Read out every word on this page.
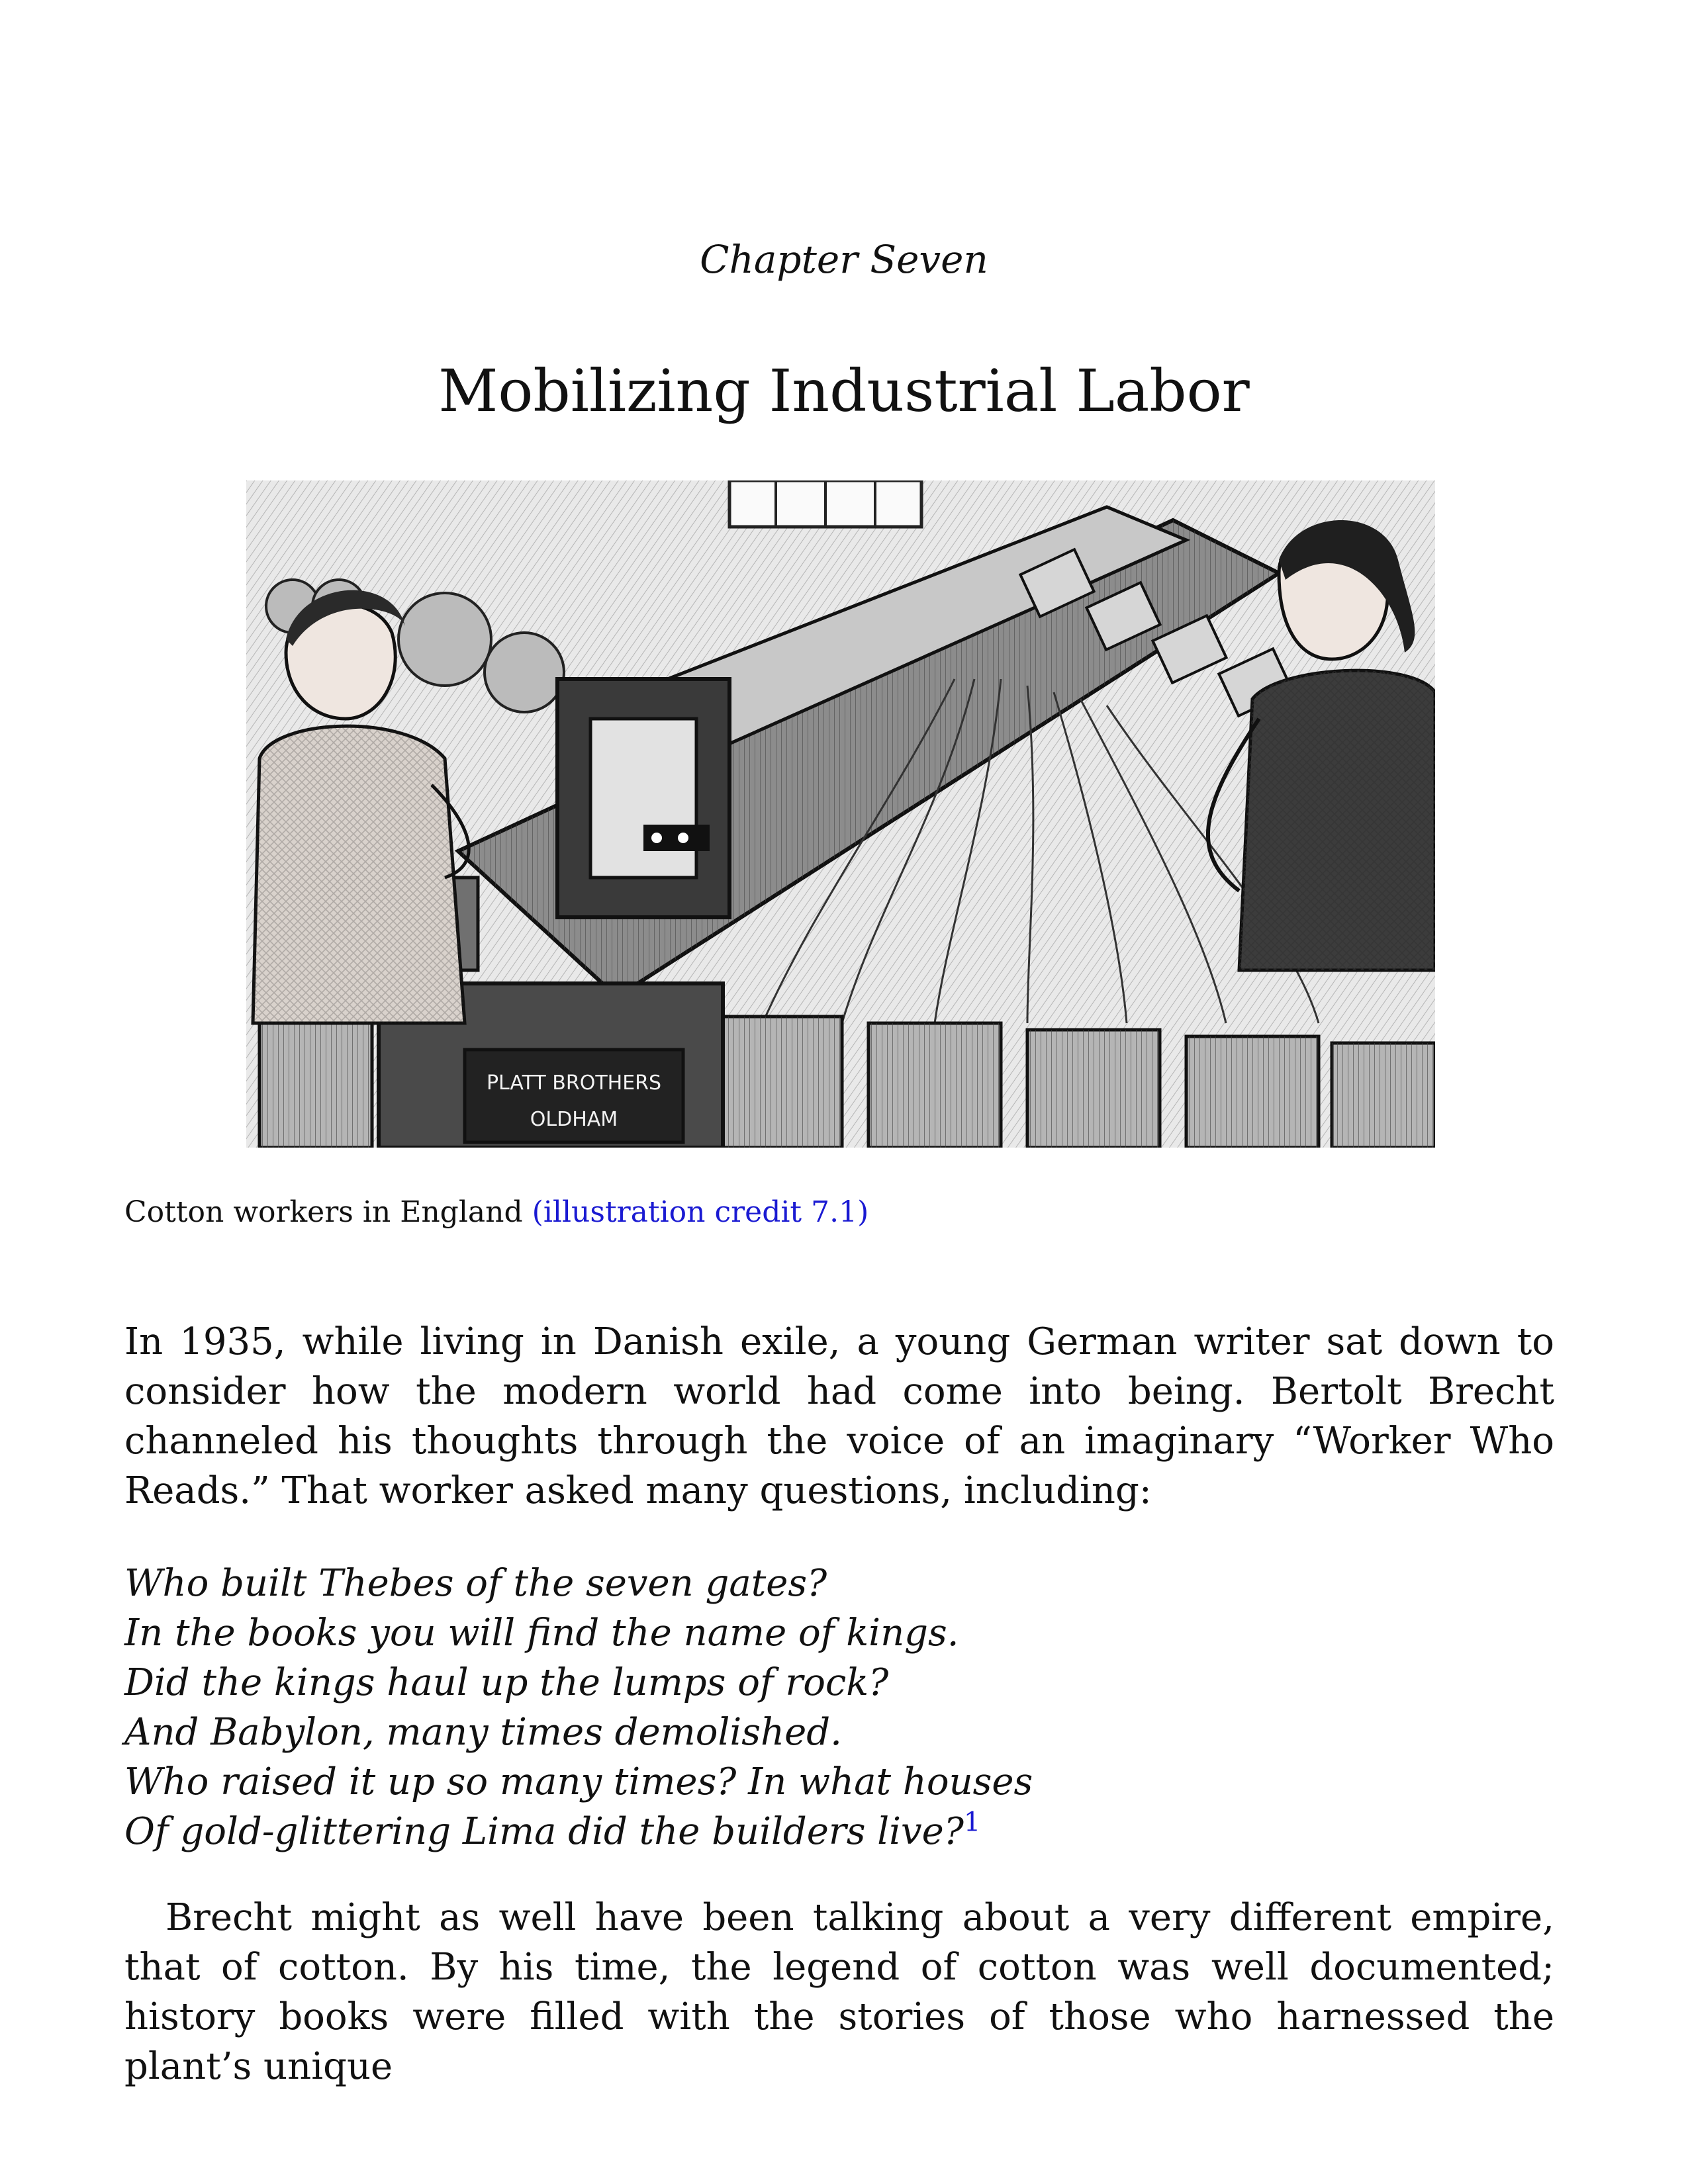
Chapter Seven
Mobilizing Industrial Labor
PLATT BROTHERS
OLDHAM
Cotton workers in England (illustration credit 7.1)
In 1935, while living in Danish exile, a young German writer sat down to consider how the modern world had come into being. Bertolt Brecht channeled his thoughts through the voice of an imaginary “Worker Who Reads.” That worker asked many questions, including:
Who built Thebes of the seven gates?
In the books you will find the name of kings.
Did the kings haul up the lumps of rock?
And Babylon, many times demolished.
Who raised it up so many times? In what houses
Of gold-glittering Lima did the builders live?$^1$
Brecht might as well have been talking about a very different empire, that of cotton. By his time, the legend of cotton was well documented; history books were filled with the stories of those who harnessed the plant’s unique
